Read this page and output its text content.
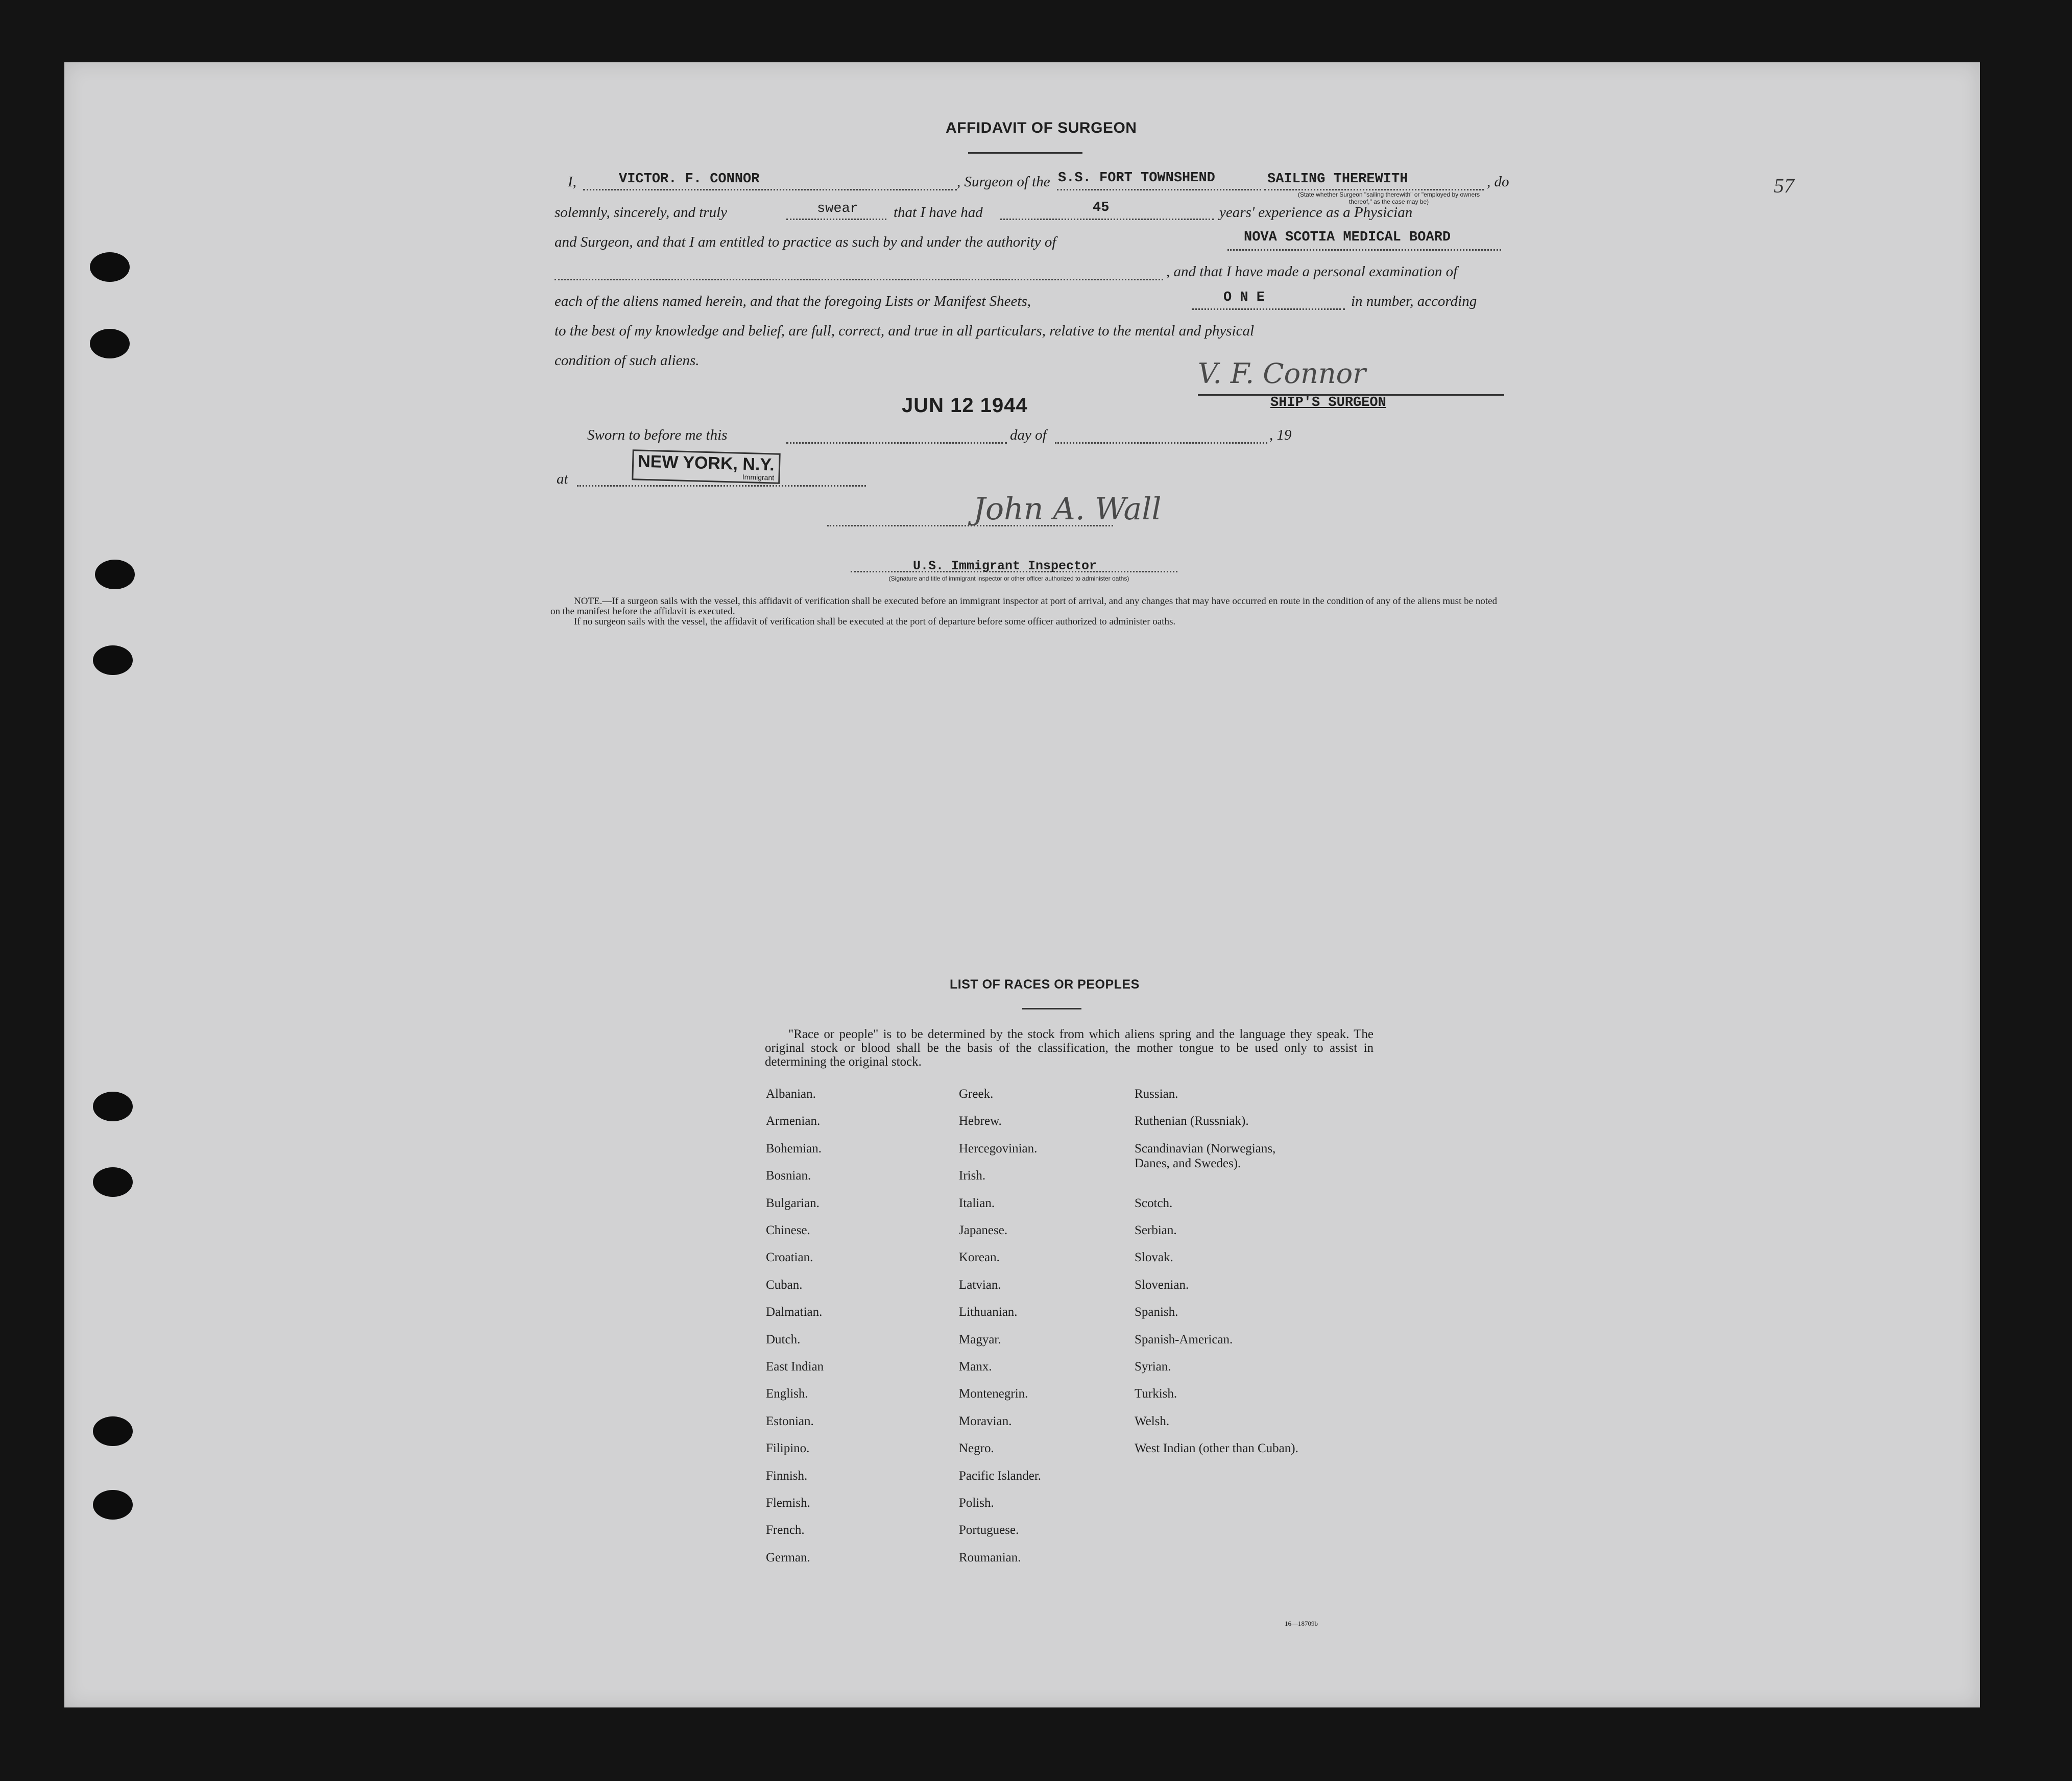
57
AFFIDAVIT OF SURGEON
I,	VICTOR. F. CONNOR	, Surgeon of the S.S. FORT TOWNSHEND	SAILING THEREWITH
(State whether Surgeon "sailing therewith" or "employed by owners thereof," as the case may be)
, do
solemnly, sincerely, and truly	swear that I have had	45	years' experience as a Physician
and Surgeon, and that I am entitled to practice as such by and under the authority of	NOVA SCOTIA MEDICAL BOARD
, and that I have made a personal examination of
each of the aliens named herein, and that the foregoing Lists or Manifest Sheets,	O N E	in number, according
to the best of my knowledge and belief, are full, correct, and true in all particulars, relative to the mental and physical
condition of such aliens.	V. F. Connor
SHIP'S SURGEON
JUN 12 1944
Sworn to before me this	day of	, 19
at
NEW YORK, N.Y.
Immigrant
John A. Wall
U.S. Immigrant Inspector
(Signature and title of immigrant inspector or other officer authorized to administer oaths)
NOTE.—If a surgeon sails with the vessel, this affidavit of verification shall be executed before an immigrant inspector at port of arrival, and any changes that may have occurred en route in the condition of any of the aliens must be noted on the manifest before the affidavit is executed.
If no surgeon sails with the vessel, the affidavit of verification shall be executed at the port of departure before some officer authorized to administer oaths.
LIST OF RACES OR PEOPLES
"Race or people" is to be determined by the stock from which aliens spring and the language they speak. The original stock or blood shall be the basis of the classification, the mother tongue to be used only to assist in determining the original stock.
Albanian.
Armenian.
Bohemian.
Bosnian.
Bulgarian.
Chinese.
Croatian.
Cuban.
Dalmatian.
Dutch.
East Indian
English.
Estonian.
Filipino.
Finnish.
Flemish.
French.
German.
Greek.
Hebrew.
Hercegovinian.
Irish.
Italian.
Japanese.
Korean.
Latvian.
Lithuanian.
Magyar.
Manx.
Montenegrin.
Moravian.
Negro.
Pacific Islander.
Polish.
Portuguese.
Roumanian.
Russian.
Ruthenian (Russniak).
Scandinavian (Norwegians, Danes, and Swedes).
Scotch.
Serbian.
Slovak.
Slovenian.
Spanish.
Spanish-American.
Syrian.
Turkish.
Welsh.
West Indian (other than Cuban).
16—18709b
